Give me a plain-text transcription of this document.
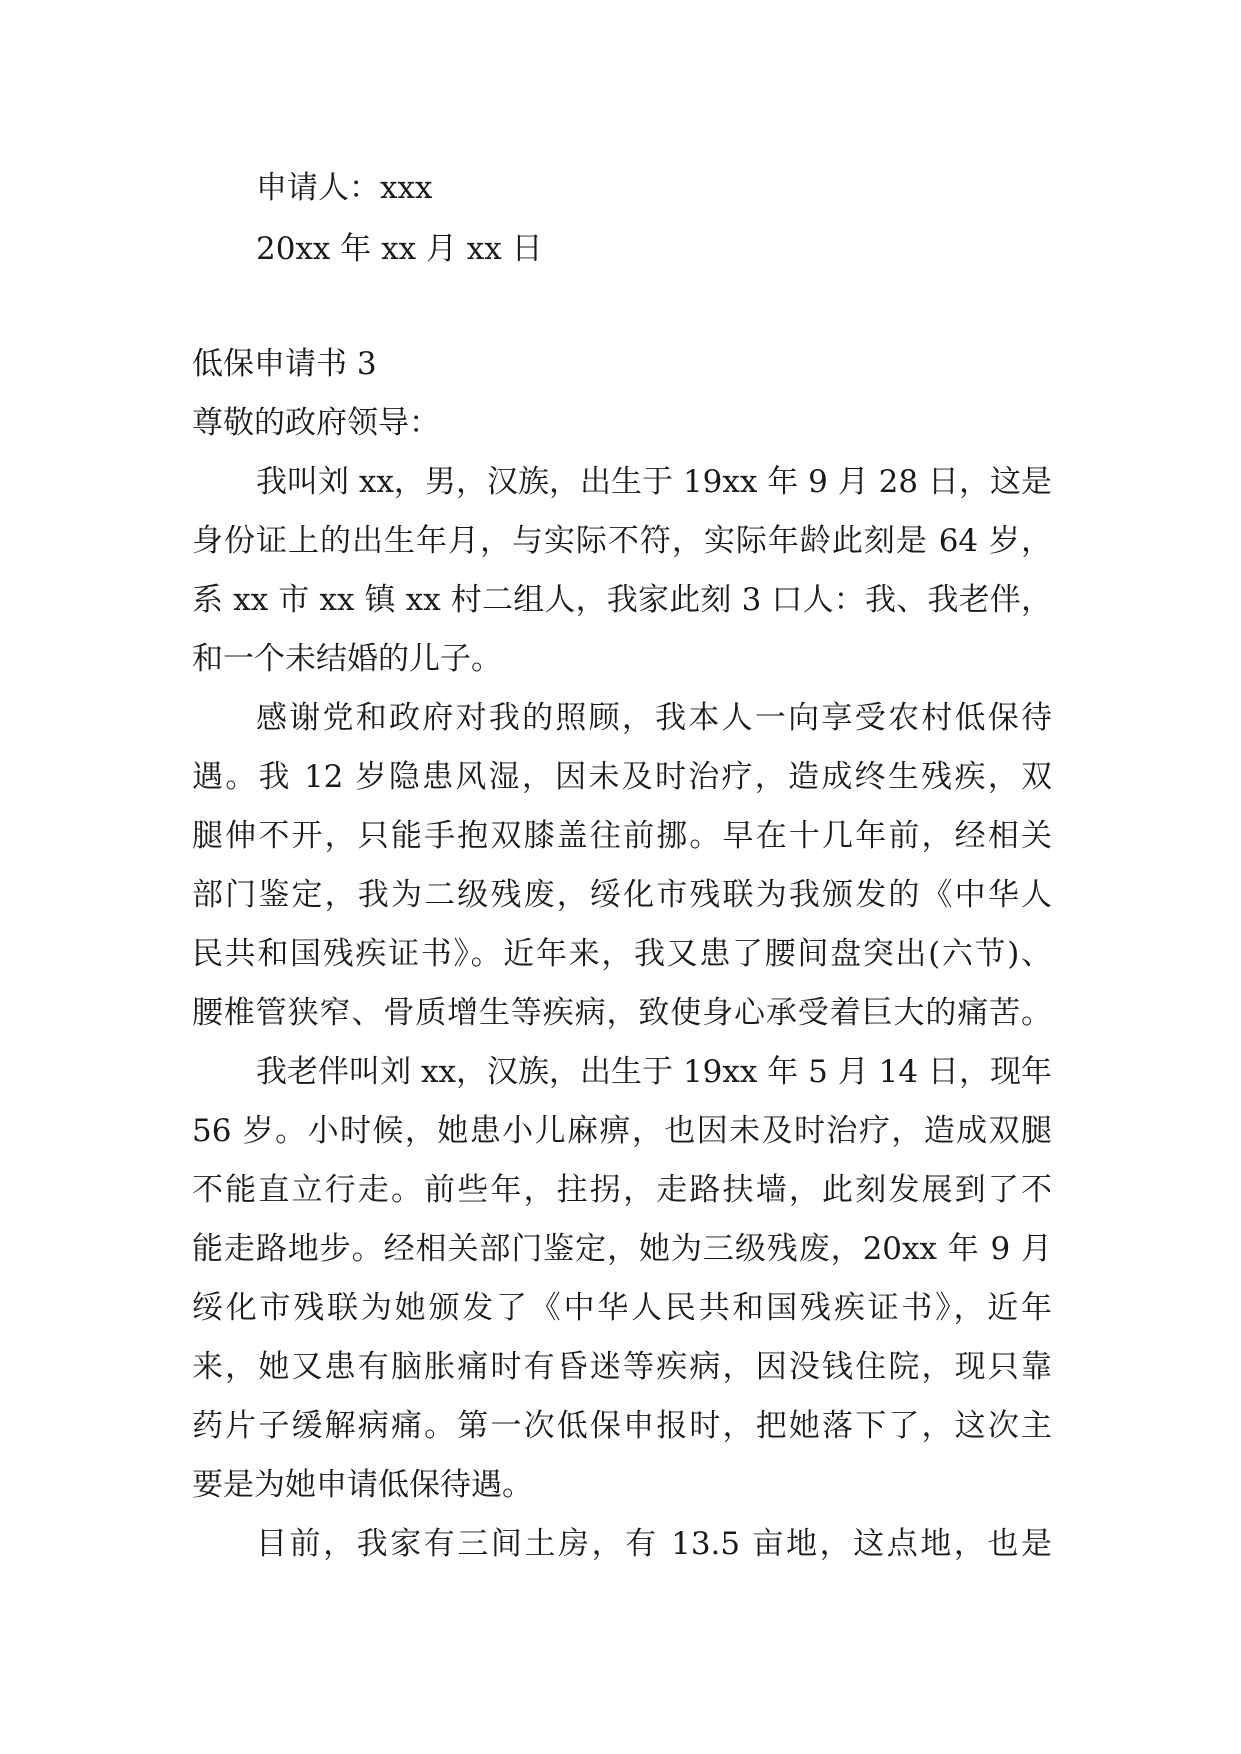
申请人：xxx
20xx 年 xx 月 xx 日
低保申请书 3
尊敬的政府领导：
我叫刘 xx，男，汉族，出生于 19xx 年 9 月 28 日，这是
身份证上的出生年月，与实际不符，实际年龄此刻是 64 岁，
系 xx 市 xx 镇 xx 村二组人，我家此刻 3 口人：我、我老伴，
和一个未结婚的儿子。
感谢党和政府对我的照顾，我本人一向享受农村低保待
遇。我 12 岁隐患风湿，因未及时治疗，造成终生残疾，双
腿伸不开，只能手抱双膝盖往前挪。早在十几年前，经相关
部门鉴定，我为二级残废，绥化市残联为我颁发的《中华人
民共和国残疾证书》。近年来，我又患了腰间盘突出(六节)、
腰椎管狭窄、骨质增生等疾病，致使身心承受着巨大的痛苦。
我老伴叫刘 xx，汉族，出生于 19xx 年 5 月 14 日，现年
56 岁。小时候，她患小儿麻痹，也因未及时治疗，造成双腿
不能直立行走。前些年，拄拐，走路扶墙，此刻发展到了不
能走路地步。经相关部门鉴定，她为三级残废，20xx 年 9 月
绥化市残联为她颁发了《中华人民共和国残疾证书》，近年
来，她又患有脑胀痛时有昏迷等疾病，因没钱住院，现只靠
药片子缓解病痛。第一次低保申报时，把她落下了，这次主
要是为她申请低保待遇。
目前，我家有三间土房，有 13.5 亩地，这点地，也是
